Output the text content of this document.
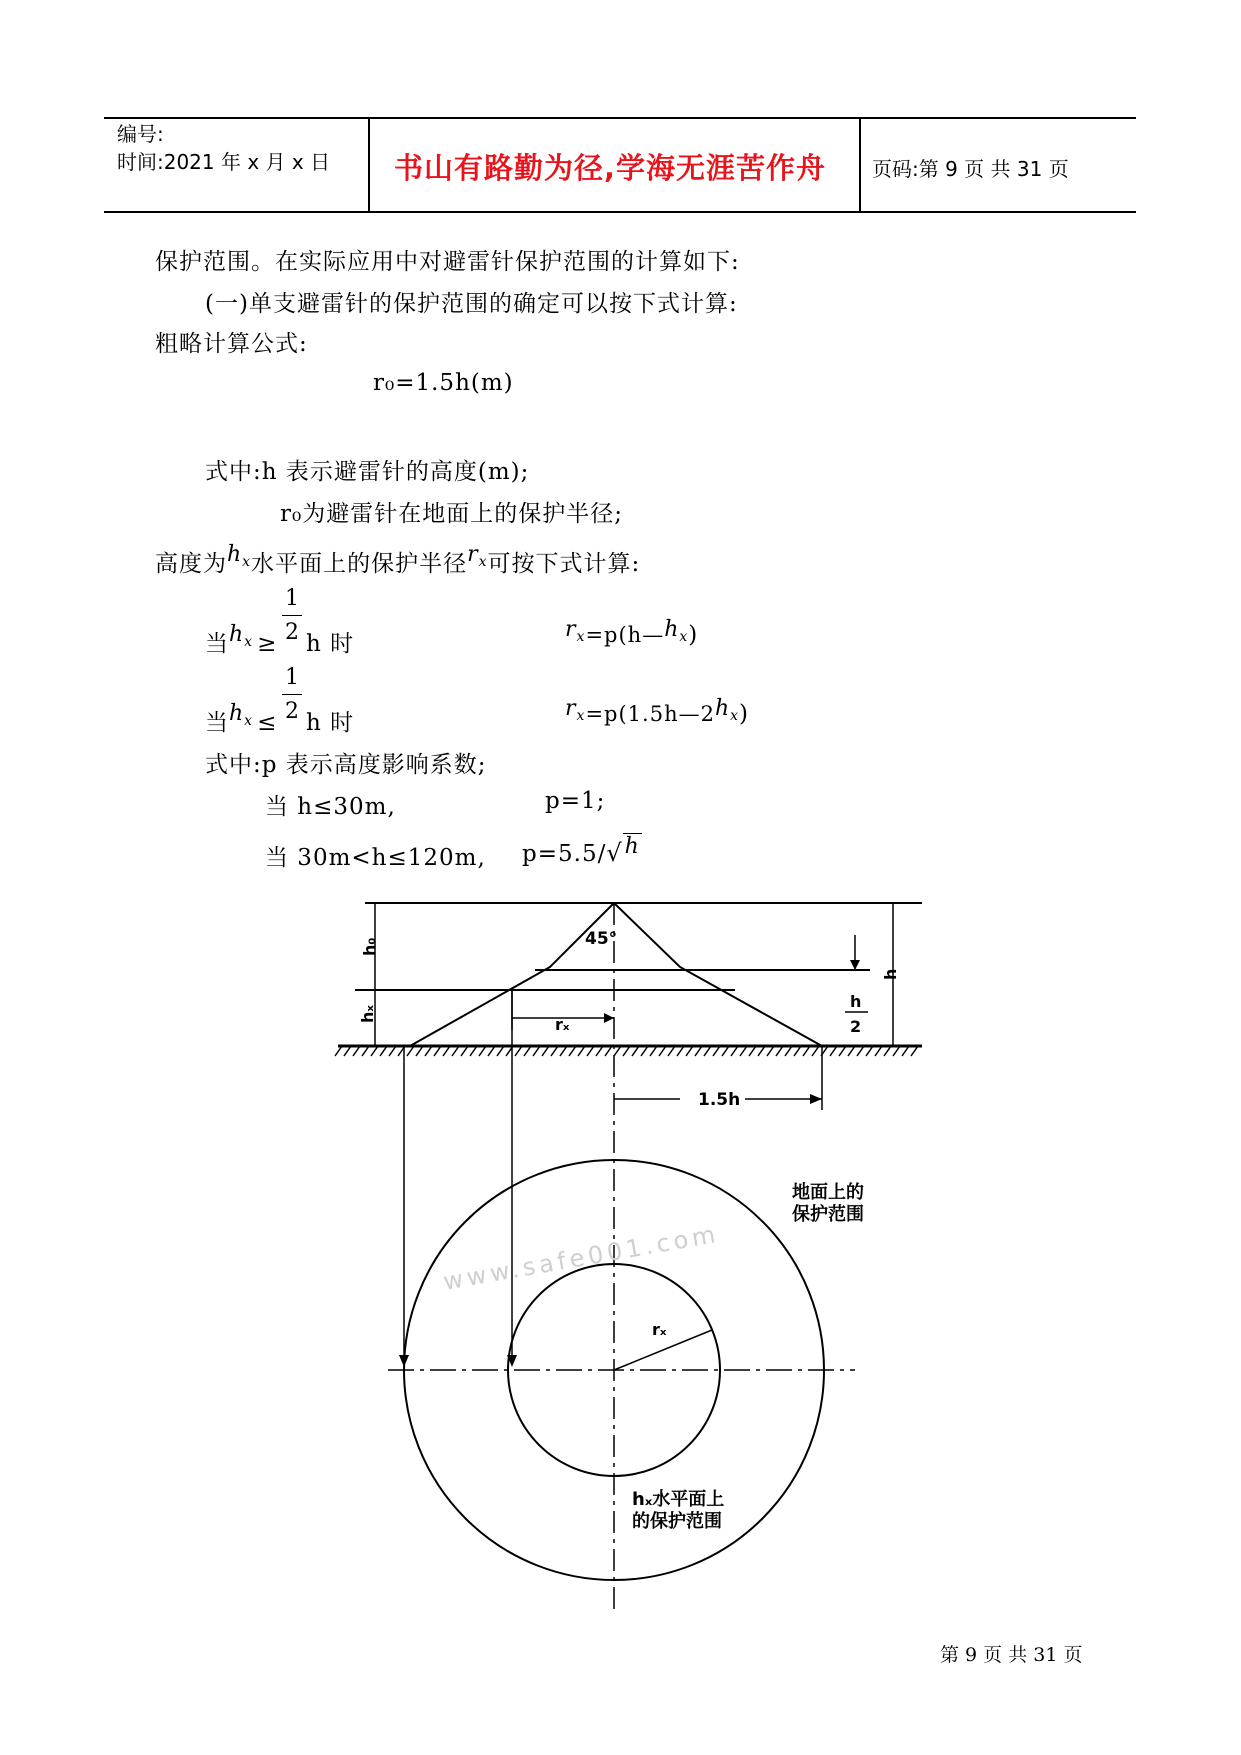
编号:
时间:2021 年 x 月 x 日 书山有路勤为径,学海无涯苦作舟 页码:第 9 页 共 31 页
保护范围。在实际应用中对避雷针保护范围的计算如下:
(一)单支避雷针的保护范围的确定可以按下式计算:
粗略计算公式:
r₀=1.5h(m)
式中:h 表示避雷针的高度(m);
r₀为避雷针在地面上的保护半径;
高度为$h_x$水平面上的保护半径$r_x$可按下式计算:
当$h_x$ ≥
1
2 h 时
$r_x=p(h—h_x)$
当$h_x$ ≤
1
2 h 时
$r_x=p(1.5h—2h_x)$
式中:p 表示高度影响系数;
当 h≤30m,	p=1;
当 30m<h≤120m, p=5.5/√h
45°
h₀
hₓ
h
rₓ
h
2
1.5h
地面上的
保护范围
rₓ
hₓ水平面上
的保护范围
www.safe001.com
第 9 页 共 31 页
